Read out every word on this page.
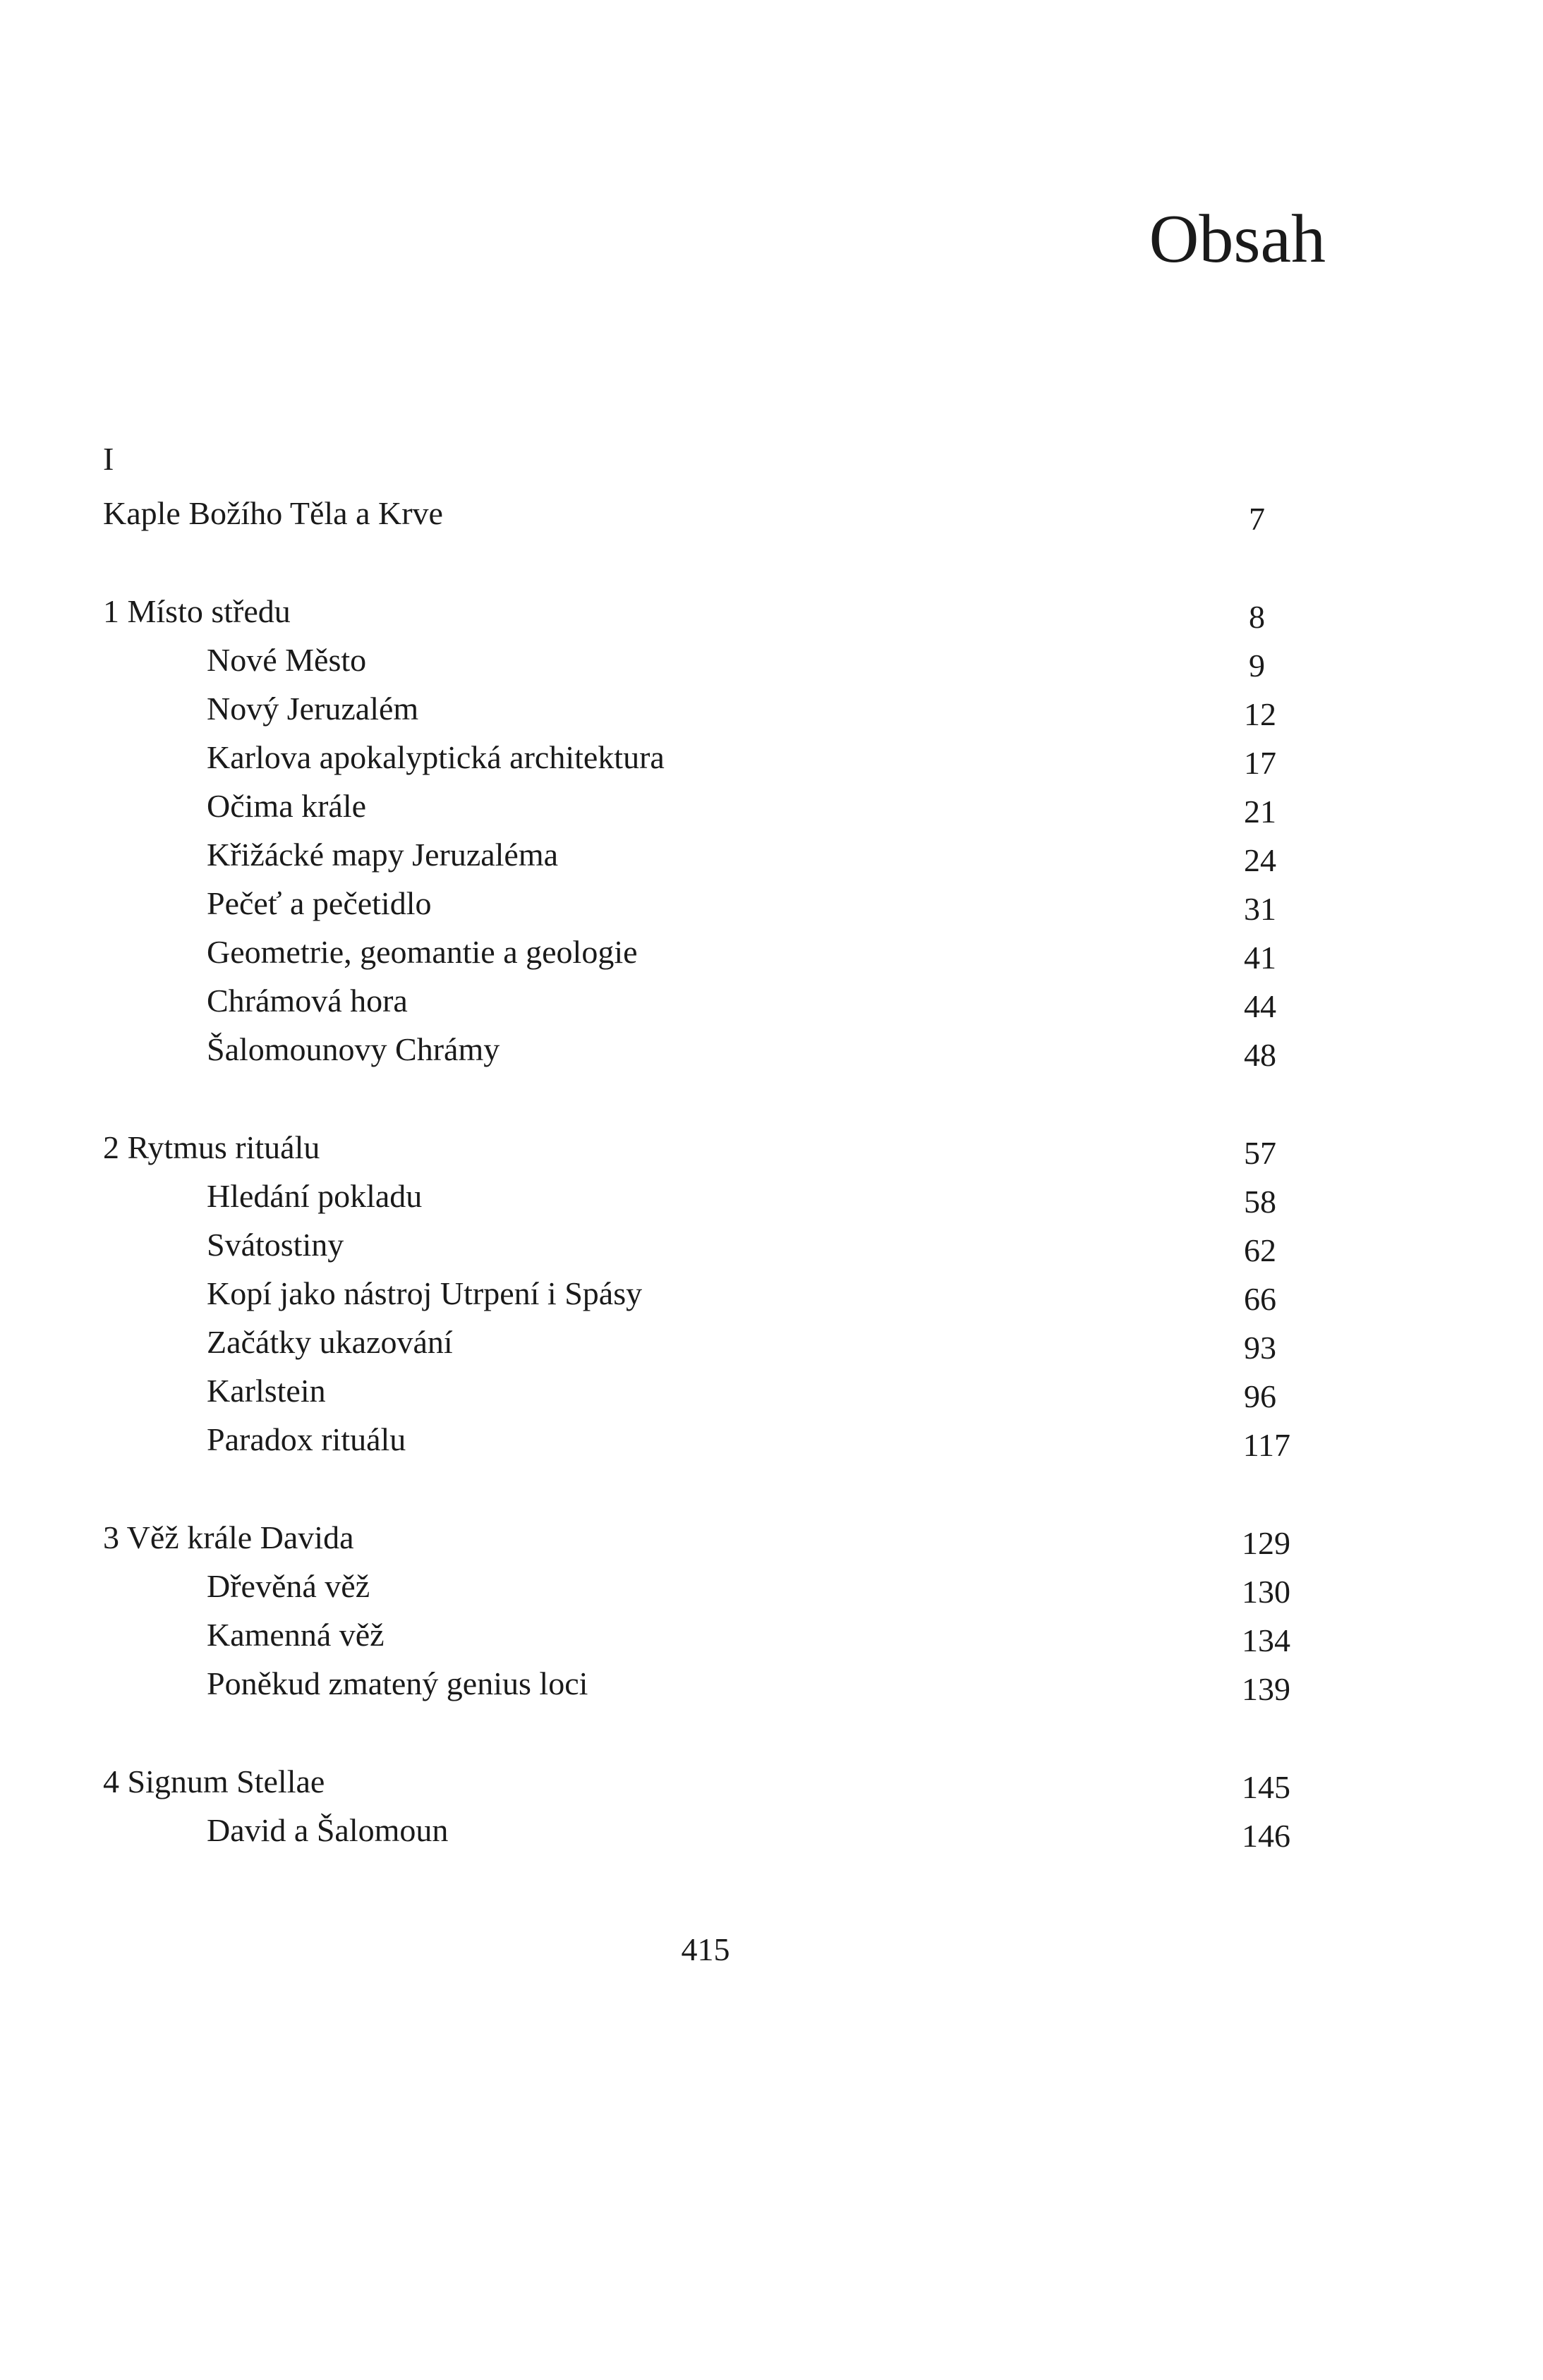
Obsah
I
Kaple Božího Těla a Krve	7
1 Místo středu	8
Nové Město	9
Nový Jeruzalém	12
Karlova apokalyptická architektura	17
Očima krále	21
Křižácké mapy Jeruzaléma	24
Pečeť a pečetidlo	31
Geometrie, geomantie a geologie	41
Chrámová hora	44
Šalomounovy Chrámy	48
2 Rytmus rituálu	57
Hledání pokladu	58
Svátostiny	62
Kopí jako nástroj Utrpení i Spásy	66
Začátky ukazování	93
Karlstein	96
Paradox rituálu	117
3 Věž krále Davida	129
Dřevěná věž	130
Kamenná věž	134
Poněkud zmatený genius loci	139
4 Signum Stellae	145
David a Šalomoun	146
415
